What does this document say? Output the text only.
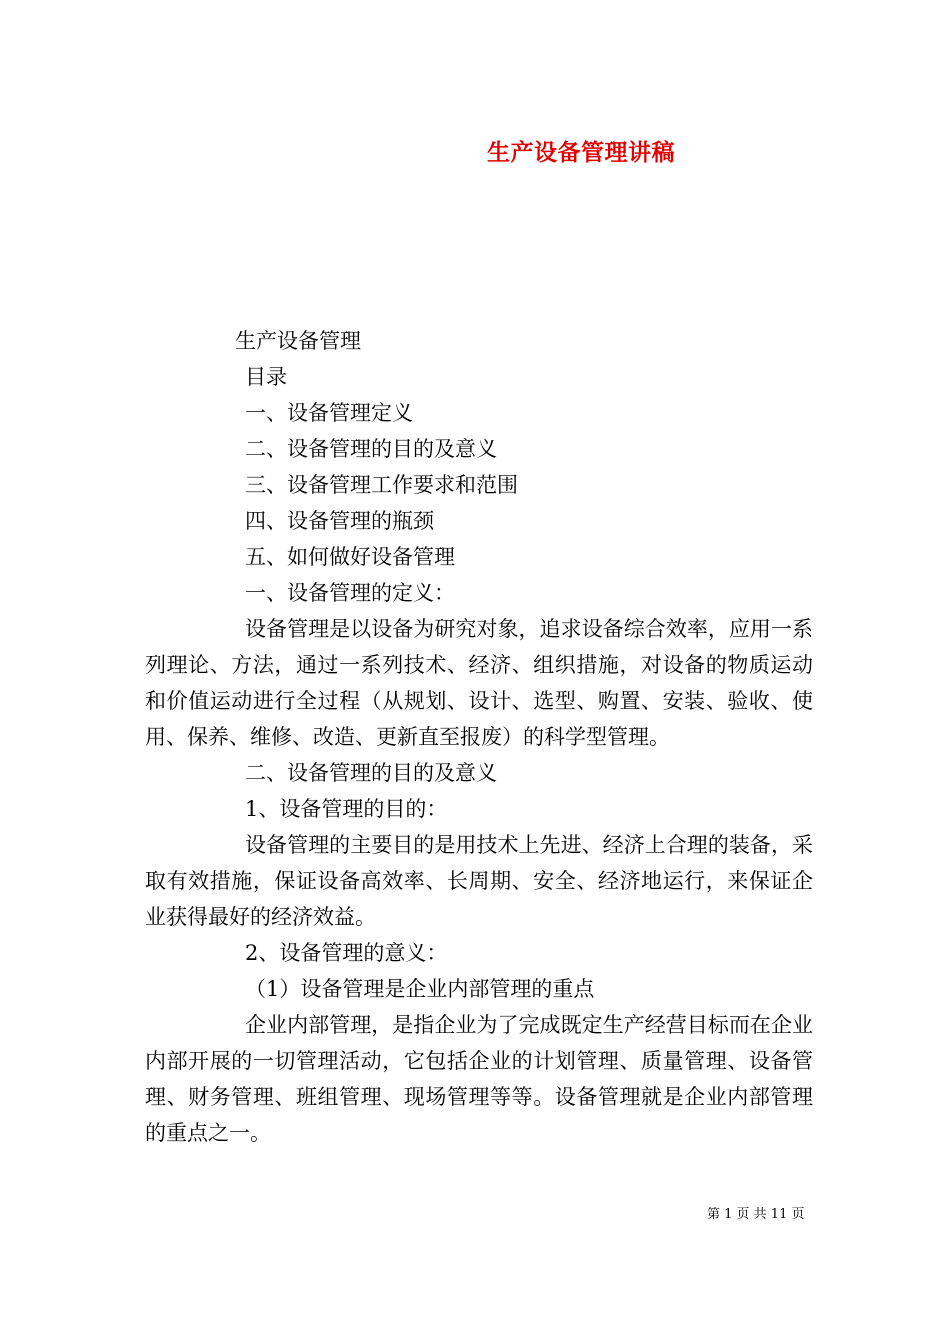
生产设备管理讲稿
生产设备管理
目录
一、设备管理定义
二、设备管理的目的及意义
三、设备管理工作要求和范围
四、设备管理的瓶颈
五、如何做好设备管理
一、设备管理的定义：

设备管理是以设备为研究对象，追求设备综合效率，应用一系列理论、方法，通过一系列技术、经济、组织措施，对设备的物质运动和价值运动进行全过程（从规划、设计、选型、购置、安装、验收、使用、保养、维修、改造、更新直至报废）的科学型管理。

二、设备管理的目的及意义
1、设备管理的目的：

设备管理的主要目的是用技术上先进、经济上合理的装备，采取有效措施，保证设备高效率、长周期、安全、经济地运行，来保证企业获得最好的经济效益。

2、设备管理的意义：
（1）设备管理是企业内部管理的重点

企业内部管理，是指企业为了完成既定生产经营目标而在企业内部开展的一切管理活动，它包括企业的计划管理、质量管理、设备管理、财务管理、班组管理、现场管理等等。设备管理就是企业内部管理的重点之一。

第 1 页 共 11 页
